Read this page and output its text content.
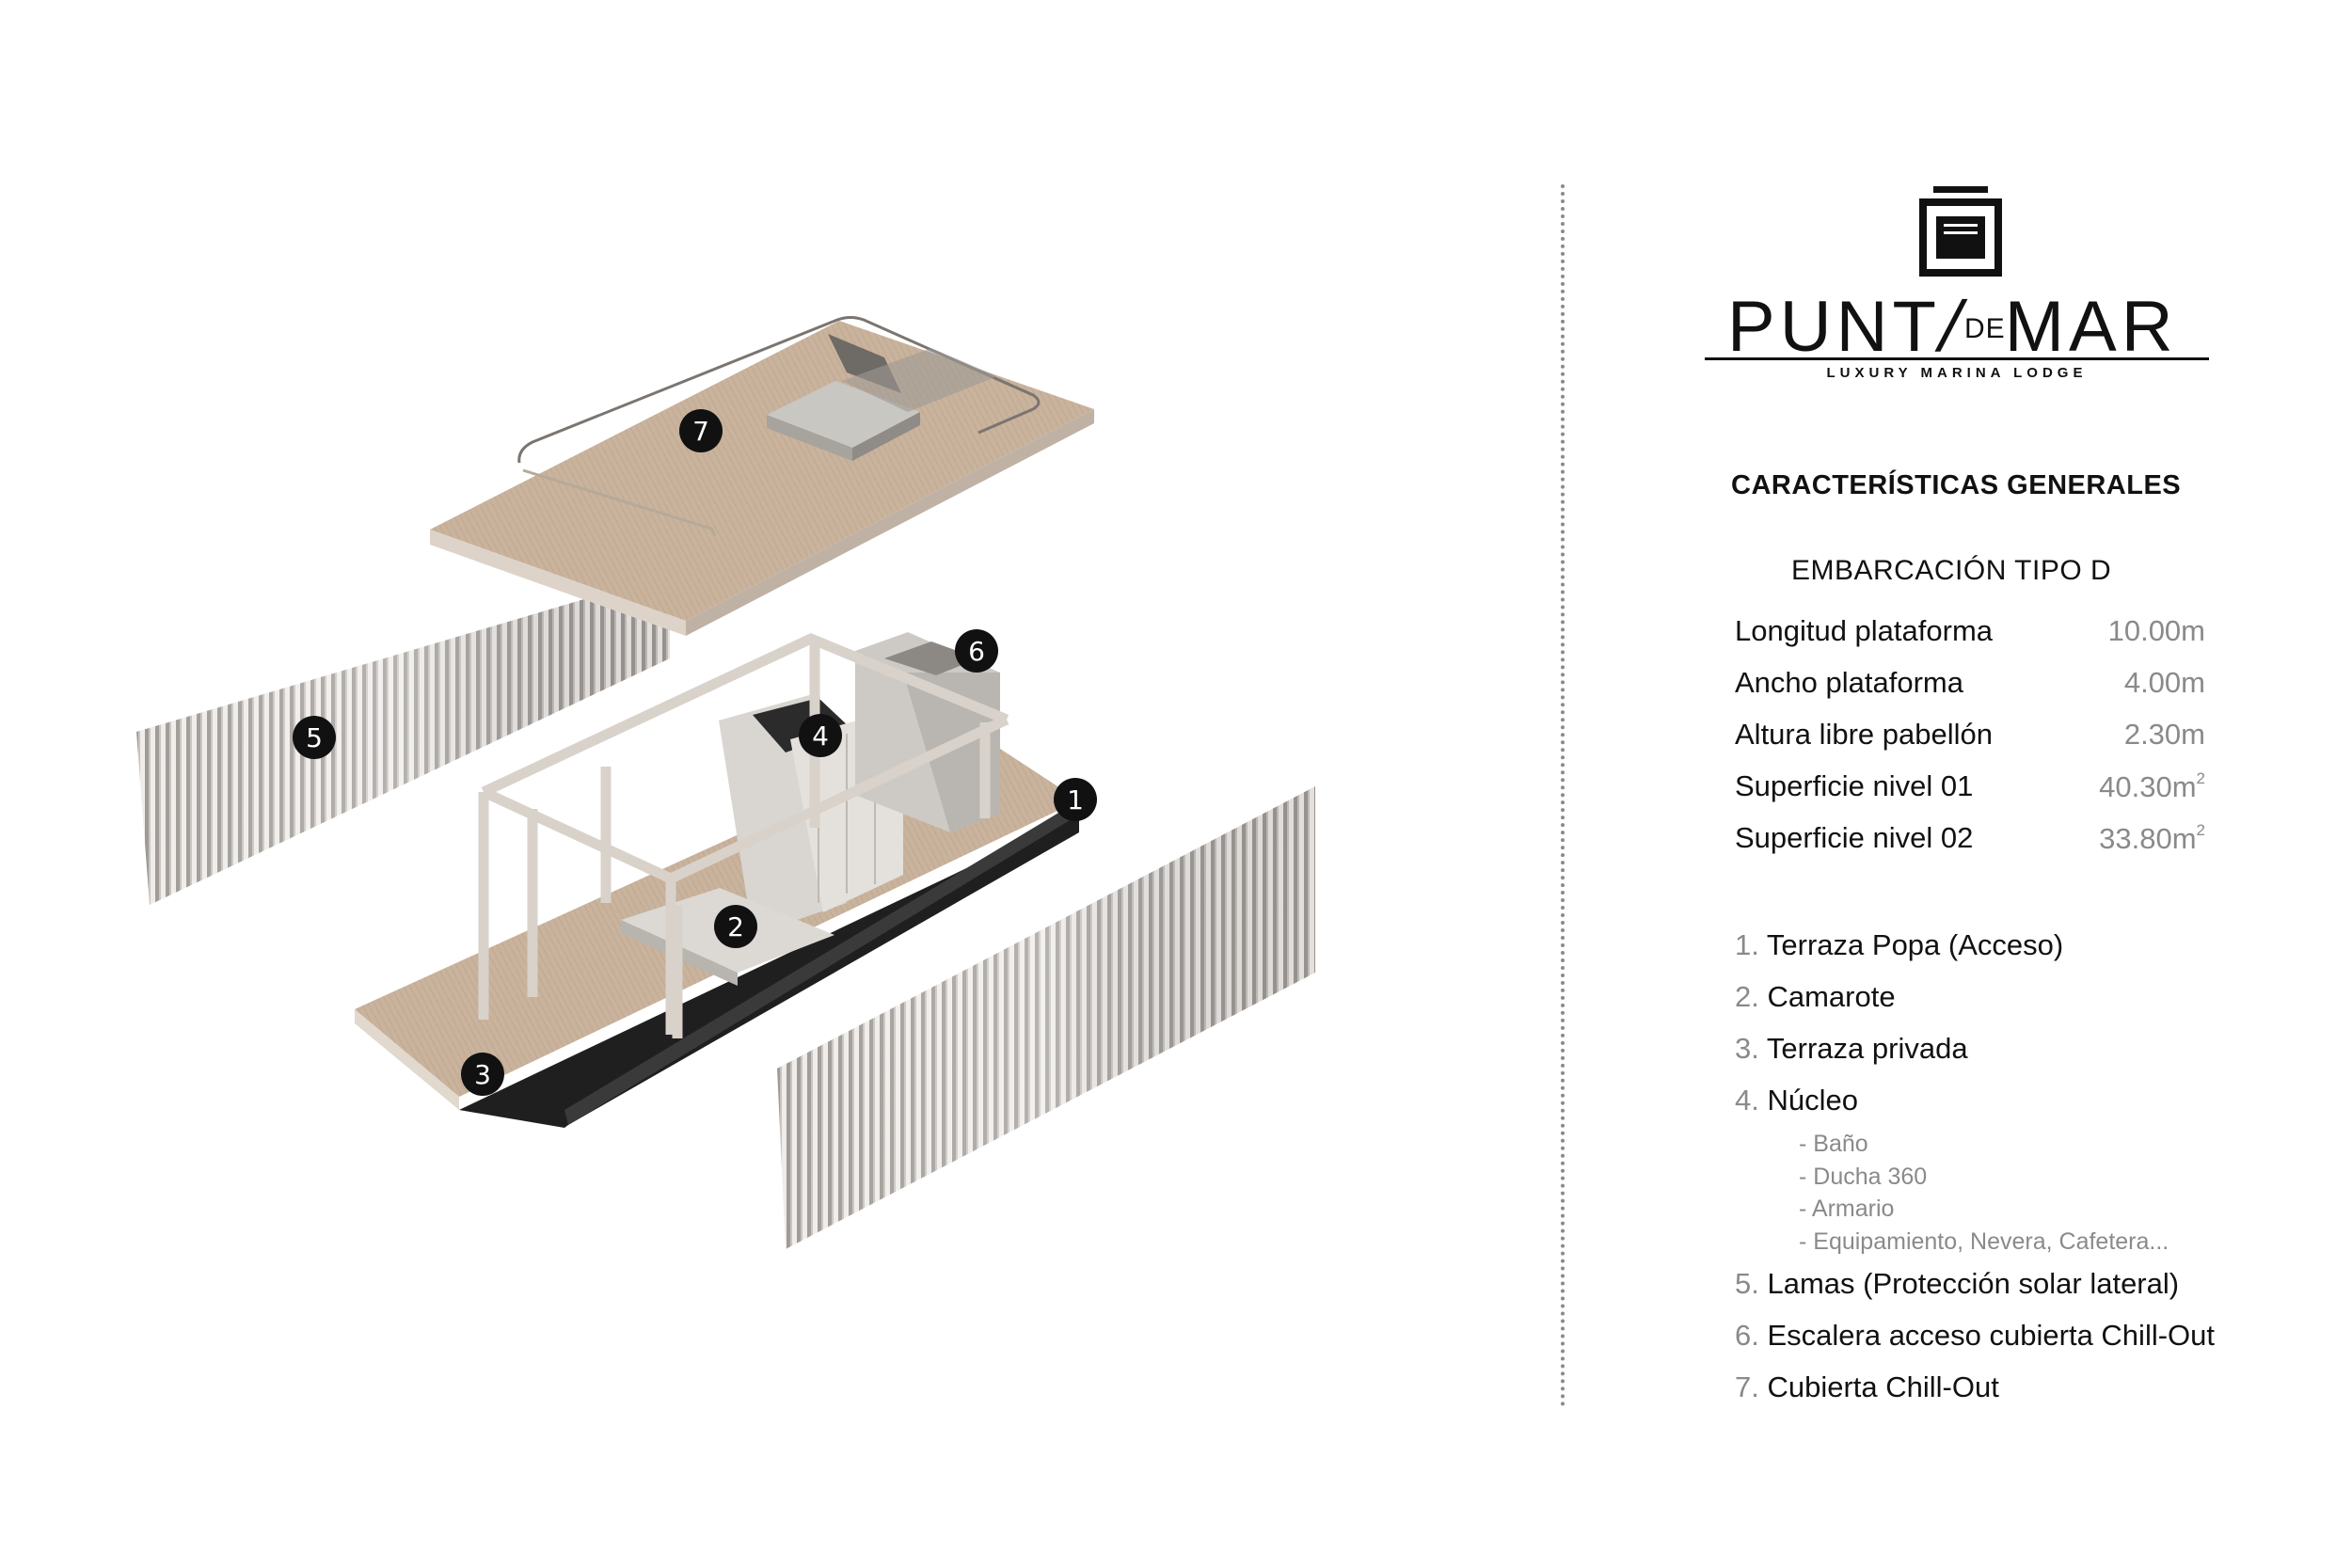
1
2
3
4
5
6
7
PUNT/DEMAR
LUXURY MARINA LODGE
CARACTERÍSTICAS GENERALES
EMBARCACIÓN TIPO D
Longitud plataforma	10.00m
Ancho plataforma	4.00m
Altura libre pabellón	2.30m
Superficie nivel 01	$40.30m^2$
Superficie nivel 02	$33.80m^2$
1. Terraza Popa (Acceso)
2. Camarote
3. Terraza privada
4. Núcleo
5. Lamas (Protección solar lateral)
6. Escalera acceso cubierta Chill-Out
7. Cubierta Chill-Out
- Baño
- Ducha 360
- Armario
- Equipamiento, Nevera, Cafetera...
